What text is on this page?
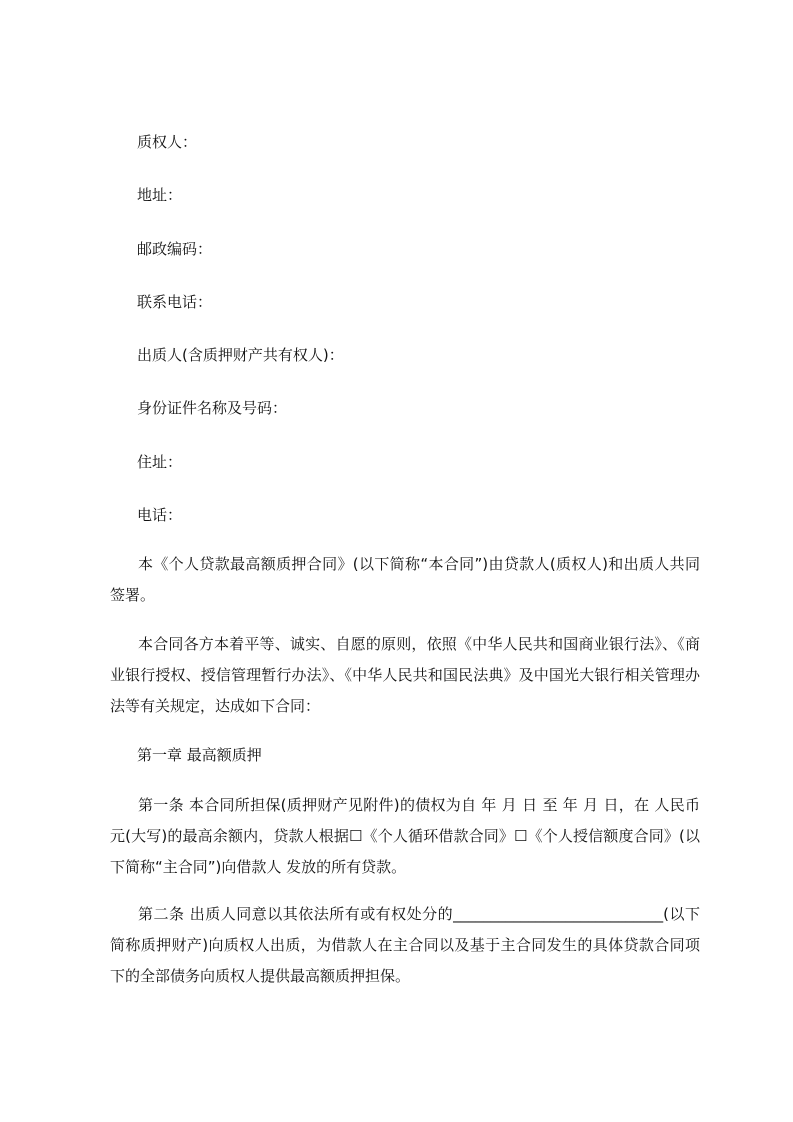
质权人：
地址：
邮政编码：
联系电话：
出质人(含质押财产共有权人)：
身份证件名称及号码：
住址：
电话：
本《个人贷款最高额质押合同》(以下简称“本合同”)由贷款人(质权人)和出质人共同签署。
本合同各方本着平等、诚实、自愿的原则，依照《中华人民共和国商业银行法》、《商业银行授权、授信管理暂行办法》、《中华人民共和国民法典》及中国光大银行相关管理办法等有关规定，达成如下合同：
第一章 最高额质押
第一条 本合同所担保(质押财产见附件)的债权为自 年 月 日 至 年 月 日，在 人民币 元(大写)的最高余额内，贷款人根据☐《个人循环借款合同》☐《个人授信额度合同》(以下简称“主合同”)向借款人 发放的所有贷款。
第二条 出质人同意以其依法所有或有权处分的____________________________(以下简称质押财产)向质权人出质，为借款人在主合同以及基于主合同发生的具体贷款合同项下的全部债务向质权人提供最高额质押担保。
